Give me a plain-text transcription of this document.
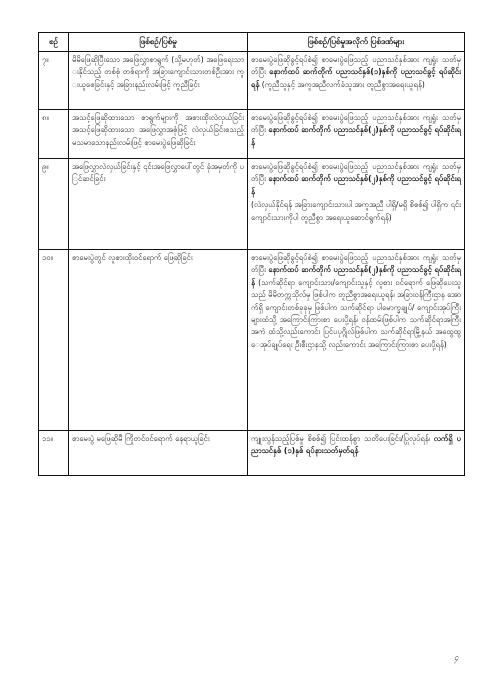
စဉ်	ဖြစ်စဉ်/ပြစ်မှု	ဖြစ်စဉ်/ပြစ်မှုအလိုက် ပြစ်ဒဏ်များ
၇။	မိမိဖြေဆိုပြီးသော အဖြေလွှာစာရွက် (သို့မဟုတ်) အဖြေရေးသားနိုင်သည့် တစ်စုံ တစ်ရာကို အခြားကျောင်းသားတစ်ဦးအား ကူးယူစေခြင်းနှင့် အခြားနည်းလမ်းဖြင့် ကူညီခြင်း	စာမေးပွဲဖြေဆိုခွင့်ရပ်စဲ၍ စာမေးပွဲဖြေသည့် ပညာသင်နှစ်အား ကျရှုံး သတ်မှတ်ပြီး နောက်ထပ် ဆက်တိုက် ပညာသင်နှစ်(၁)နှစ်ကို ပညာသင်ခွင့် ရပ်ဆိုင်းရန် (ကူညီသူနှင့် အကူအညီလက်ခံသူအား တူညီစွာအရေးယူရန်)
၈။	အသင့်ဖြေဆိုထားသော စာရွက်များကို အစားထိုးလဲလှယ်ခြင်း အသင့်ဖြေဆိုထားသော အဖြေလွှာအစုံဖြင့် လဲလှယ်ခြင်းစသည့် မသမာသောနည်းလမ်းဖြင့် စာမေးပွဲဖြေဆိုခြင်း	စာမေးပွဲဖြေဆိုခွင့်ရပ်စဲ၍ စာမေးပွဲဖြေသည့် ပညာသင်နှစ်အား ကျရှုံး သတ်မှတ်ပြီး နောက်ထပ် ဆက်တိုက် ပညာသင်နှစ်(၂)နှစ်ကို ပညာသင်ခွင့် ရပ်ဆိုင်းရန်
၉။	အဖြေလွှာလဲလှယ်ခြင်းနှင့် ၎င်းအဖြေလွှာပေါ်တွင် ခုံအမှတ်ကို ပြင်ဆင်ခြင်း	စာမေးပွဲဖြေဆိုခွင့်ရပ်စဲ၍ စာမေးပွဲဖြေသည့် ပညာသင်နှစ်အား ကျရှုံး သတ်မှတ်ပြီး နောက်ထပ် ဆက်တိုက် ပညာသင်နှစ်(၂)နှစ်ကို ပညာသင်ခွင့် ရပ်ဆိုင်းရန်
(လဲလှယ်နိုင်ရန် အခြားကျောင်းသားပါ အကူအညီ ပါရှိ/မရှိ စိစစ်၍ ပါရှိက ၎င်းကျောင်းသားကိုပါ တူညီစွာ အရေးယူဆောင်ရွက်ရန်)

၁၀။	စာမေးပွဲတွင် လူစားထိုးဝင်ရောက် ဖြေဆိုခြင်း	စာမေးပွဲဖြေဆိုခွင့်ရပ်စဲ၍ စာမေးပွဲဖြေသည့် ပညာသင်နှစ်အား ကျရှုံး သတ်မှတ်ပြီး နောက်ထပ် ဆက်တိုက် ပညာသင်နှစ်(၂)နှစ်ကို ပညာသင်ခွင့် ရပ်ဆိုင်းရန် (သက်ဆိုင်ရာ ကျောင်းသား/ကျောင်းသူနှင့် လူစား ဝင်ရောက် ဖြေဆိုပေးသူသည် မိမိတက္ကသိုလ်မှ ဖြစ်ပါက တူညီစွာအရေးယူရန်၊ အခြားဝန်ကြီးဌာန အောက်ရှိ ကျောင်းတစ်ခုခုမှ ဖြစ်ပါက သက်ဆိုင်ရာ ပါမောက္ခချုပ်/ ကျောင်းအုပ်ကြီး များထံသို့ အကြောင်းကြားစာ ပေးပို့ရန်၊ ဝန်ထမ်းဖြစ်ပါက သက်ဆိုင်ရာအကြီးအကဲ ထံသို့လည်းကောင်း ပြင်ပပုဂ္ဂိုလ်ဖြစ်ပါက သက်ဆိုင်ရာမြို့နယ် အထွေထွေအုပ်ချုပ်ရေး ဦးစီးဌာနသို့ လည်းကောင်း အကြောင်းကြားစာ ပေးပို့ရန်)
၁၁။	စာမေးပွဲ မဖြေဆိုမီ ကြိုတင်ဝင်ရောက် နေရာယူခြင်း	ကျူးလွန်သည့်ပြစ်မှု စိစစ်၍ ပြင်းထန်စွာ သတိပေးခြင်း/ပြုလုပ်ရန်၊ လက်ရှိ ပညာသင်နှစ် (၁)နှစ် ရပ်နားသတ်မှတ်ရန်
၄
